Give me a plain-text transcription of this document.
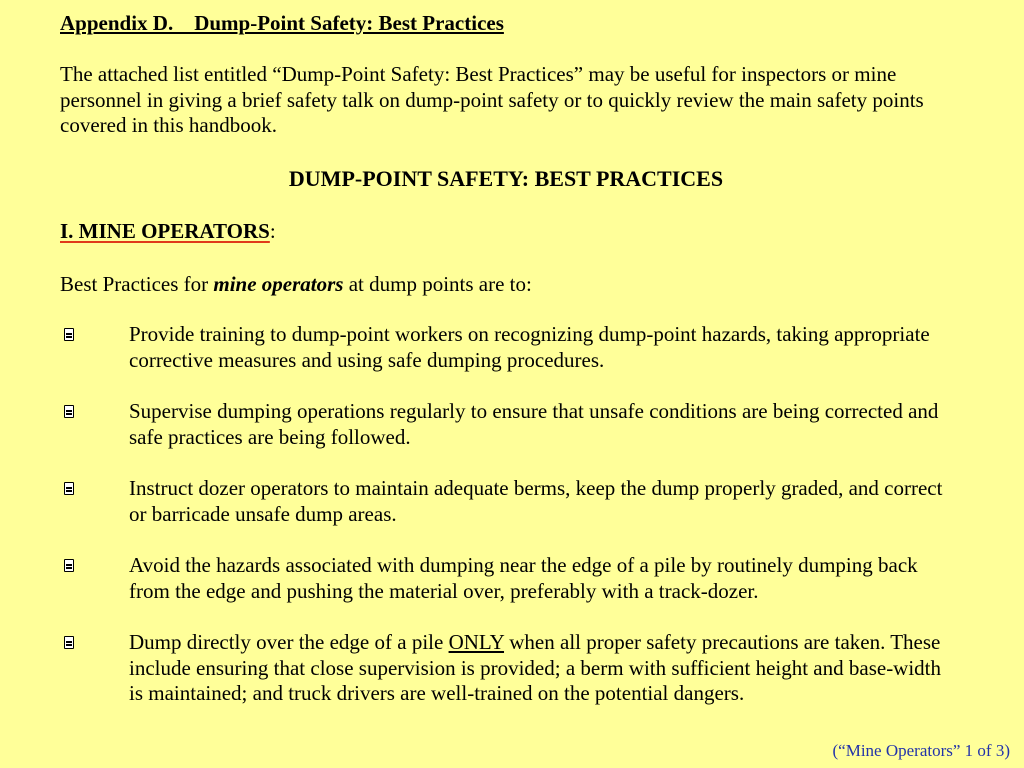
Appendix D.    Dump-Point Safety: Best Practices
The attached list entitled “Dump-Point Safety: Best Practices” may be useful for inspectors or mine personnel in giving a brief safety talk on dump-point safety or to quickly review the main safety points covered in this handbook.
DUMP-POINT SAFETY: BEST PRACTICES
I. MINE OPERATORS:
Best Practices for mine operators at dump points are to:
Provide training to dump-point workers on recognizing dump-point hazards, taking appropriate corrective measures and using safe dumping procedures.
Supervise dumping operations regularly to ensure that unsafe conditions are being corrected and safe practices are being followed.
Instruct dozer operators to maintain adequate berms, keep the dump properly graded, and correct or barricade unsafe dump areas.
Avoid the hazards associated with dumping near the edge of a pile by routinely dumping back from the edge and pushing the material over, preferably with a track-dozer.
Dump directly over the edge of a pile ONLY when all proper safety precautions are taken. These include ensuring that close supervision is provided; a berm with sufficient height and base-width is maintained; and truck drivers are well-trained on the potential dangers.
(“Mine Operators” 1 of 3)
